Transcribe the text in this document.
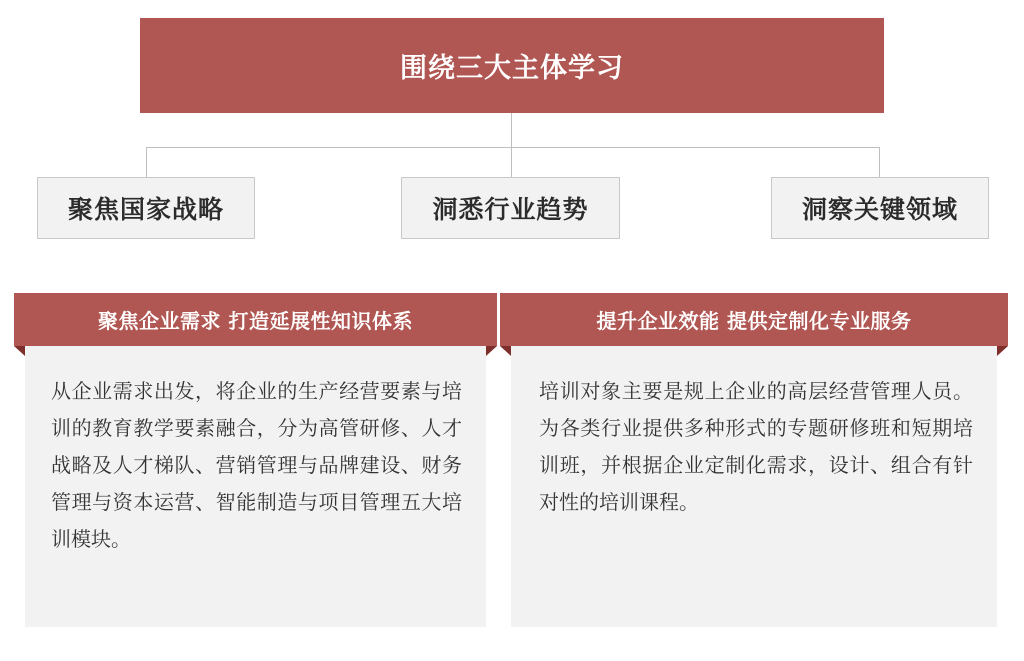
围绕三大主体学习
聚焦国家战略	洞悉行业趋势	洞察关键领域
聚焦企业需求 打造延展性知识体系
从企业需求出发，将企业的生产经营要素与培训的教育教学要素融合，分为高管研修、人才战略及人才梯队、营销管理与品牌建设、财务管理与资本运营、智能制造与项目管理五大培训模块。
提升企业效能 提供定制化专业服务
培训对象主要是规上企业的高层经营管理人员。为各类行业提供多种形式的专题研修班和短期培训班，并根据企业定制化需求，设计、组合有针对性的培训课程。
